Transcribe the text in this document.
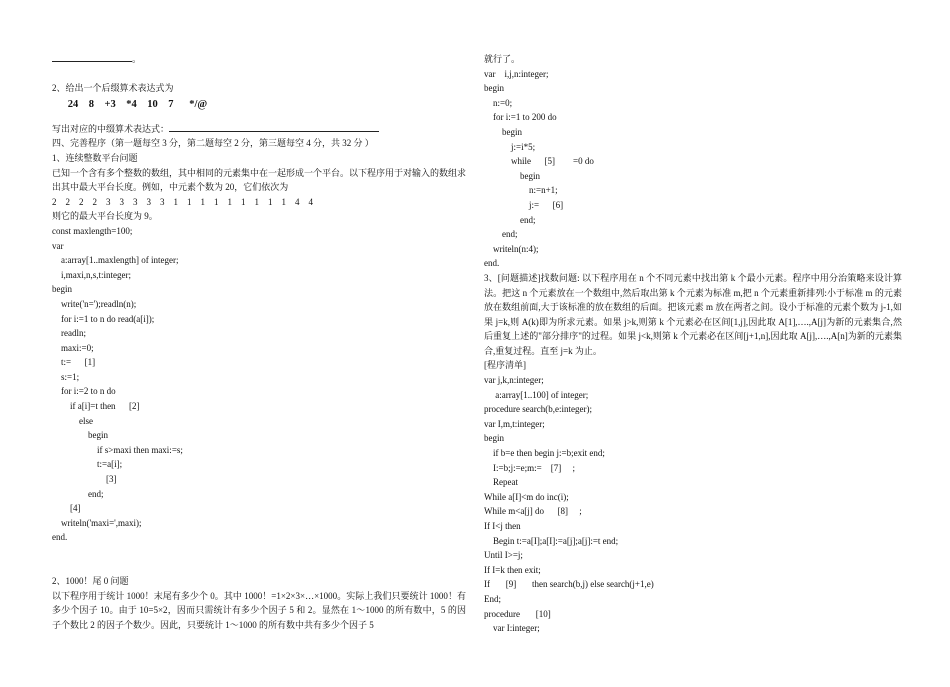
。
2、给出一个后缀算术表达式为
24    8    +3    *4    10    7      */@
写出对应的中缀算术表达式：
四、完善程序（第一题每空 3 分，第二题每空 2 分，第三题每空 4 分，共 32 分 ）
1、连续整数平台问题
已知一个含有多个整数的数组，其中相同的元素集中在一起形成一个平台。以下程序用于对输入的数组求出其中最大平台长度。例如，中元素个数为 20，它们依次为
2    2    2    2    3    3    3    3    3    1    1    1    1    1    1    1    1    1    4    4
则它的最大平台长度为 9。
const maxlength=100;
var
a:array[1..maxlength] of integer;
i,maxi,n,s,t:integer;
begin
write('n=');readln(n);
for i:=1 to n do read(a[i]);
readln;
maxi:=0;
t:=      [1]
s:=1;
for i:=2 to n do
if a[i]=t then      [2]
else
begin
if s>maxi then maxi:=s;
t:=a[i];
[3]
end;
[4]
writeln('maxi=',maxi);
end.
2、1000！尾 0 问题
以下程序用于统计 1000！末尾有多少个 0。其中 1000！=1×2×3×…×1000。实际上我们只要统计 1000！有多少个因子 10。由于 10=5×2，因而只需统计有多少个因子 5 和 2。显然在 1～1000 的所有数中，5 的因子个数比 2 的因子个数少。因此，只要统计 1～1000 的所有数中共有多少个因子 5
就行了。
var    i,j,n:integer;
begin
n:=0;
for i:=1 to 200 do
begin
j:=i*5;
while      [5]        =0 do
begin
n:=n+1;
j:=      [6]
end;
end;
writeln(n:4);
end.
3、[问题描述]找数问题: 以下程序用在 n 个不同元素中找出第 k 个最小元素。程序中用分治策略来设计算法。把这 n 个元素放在一个数组中,然后取出第 k 个元素为标准 m,把 n 个元素重新排列:小于标准 m 的元素放在数组前面,大于该标准的放在数组的后面。把该元素 m 放在两者之间。设小于标准的元素个数为 j-1,如果 j=k,则 A(k)即为所求元素。如果 j>k,则第 k 个元素必在区间[1,j],因此取 A[1],….,A[j]为新的元素集合,然后重复上述的"部分排序"的过程。如果 j<k,则第 k 个元素必在区间[j+1,n],因此取 A[j],….,A[n]为新的元素集合,重复过程。直至 j=k 为止。
[程序清单]
var j,k,n:integer;
a:array[1..100] of integer;
procedure search(b,e:integer);
var I,m,t:integer;
begin
if b=e then begin j:=b;exit end;
I:=b;j:=e;m:=    [7]     ;
Repeat
While a[I]<m do inc(i);
While m<a[j] do      [8]     ;
If I<j then
Begin t:=a[I];a[I]:=a[j];a[j]:=t end;
Until I>=j;
If I=k then exit;
If       [9]       then search(b,j) else search(j+1,e)
End;
procedure       [10]
var I:integer;
